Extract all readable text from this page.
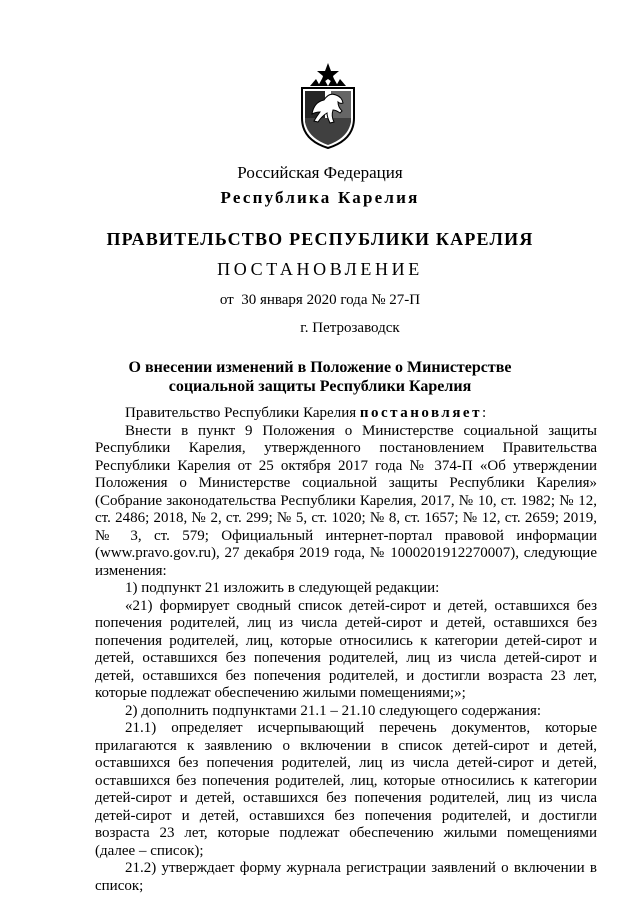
Российская Федерация
Республика Карелия
ПРАВИТЕЛЬСТВО РЕСПУБЛИКИ КАРЕЛИЯ
ПОСТАНОВЛЕНИЕ
от  30 января 2020 года № 27-П
г. Петрозаводск
О внесении изменений в Положение о Министерстве
социальной защиты Республики Карелия

Правительство Республики Карелия постановляет:

Внести в пункт 9 Положения о Министерстве социальной защиты Республики Карелия, утвержденного постановлением Правительства Республики Карелия от 25 октября 2017 года № 374-П «Об утверждении Положения о Министерстве социальной защиты Республики Карелия» (Собрание законодательства Республики Карелия, 2017, № 10, ст. 1982; № 12, ст. 2486; 2018, № 2, ст. 299; № 5, ст. 1020; № 8, ст. 1657; № 12, ст. 2659; 2019, № 3, ст. 579; Официальный интернет-портал правовой информации (www.pravo.gov.ru), 27 декабря 2019 года, № 1000201912270007), следующие изменения:

1) подпункт 21 изложить в следующей редакции:

«21) формирует сводный список детей-сирот и детей, оставшихся без попечения родителей, лиц из числа детей-сирот и детей, оставшихся без попечения родителей, лиц, которые относились к категории детей-сирот и детей, оставшихся без попечения родителей, лиц из числа детей-сирот и детей, оставшихся без попечения родителей, и достигли возраста 23 лет, которые подлежат обеспечению жилыми помещениями;»;

2) дополнить подпунктами 21.1 – 21.10 следующего содержания:

21.1) определяет исчерпывающий перечень документов, которые прилагаются к заявлению о включении в список детей-сирот и детей, оставшихся без попечения родителей, лиц из числа детей-сирот и детей, оставшихся без попечения родителей, лиц, которые относились к категории детей-сирот и детей, оставшихся без попечения родителей, лиц из числа детей-сирот и детей, оставшихся без попечения родителей, и достигли возраста 23 лет, которые подлежат обеспечению жилыми помещениями (далее – список);

21.2) утверждает форму журнала регистрации заявлений о включении в список;
